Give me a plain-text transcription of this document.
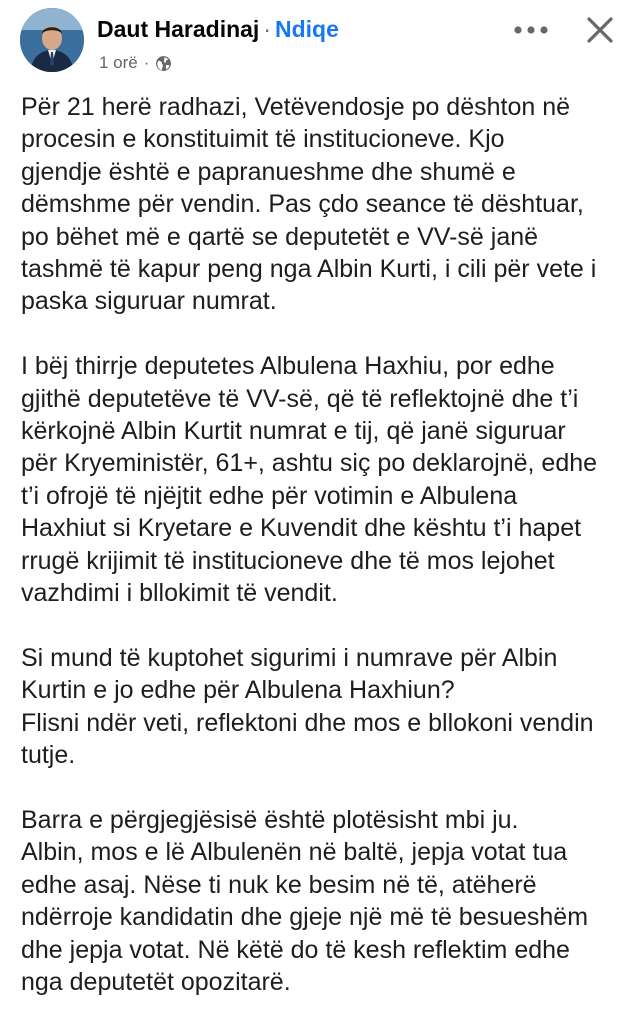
Daut Haradinaj · Ndiqe
1 orë ·

Për 21 herë radhazi, Vetëvendosje po dështon në
procesin e konstituimit të institucioneve. Kjo
gjendje është e papranueshme dhe shumë e
dëmshme për vendin. Pas çdo seance të dështuar,
po bëhet më e qartë se deputetët e VV-së janë
tashmë të kapur peng nga Albin Kurti, i cili për vete i
paska siguruar numrat.

I bëj thirrje deputetes Albulena Haxhiu, por edhe
gjithë deputetëve të VV-së, që të reflektojnë dhe t’i
kërkojnë Albin Kurtit numrat e tij, që janë siguruar
për Kryeministër, 61+, ashtu siç po deklarojnë, edhe
t’i ofrojë të njëjtit edhe për votimin e Albulena
Haxhiut si Kryetare e Kuvendit dhe kështu t’i hapet
rrugë krijimit të institucioneve dhe të mos lejohet
vazhdimi i bllokimit të vendit.

Si mund të kuptohet sigurimi i numrave për Albin
Kurtin e jo edhe për Albulena Haxhiun?
Flisni ndër veti, reflektoni dhe mos e bllokoni vendin
tutje.

Barra e përgjegjësisë është plotësisht mbi ju.
Albin, mos e lë Albulenën në baltë, jepja votat tua
edhe asaj. Nëse ti nuk ke besim në të, atëherë
ndërroje kandidatin dhe gjeje një më të besueshëm
dhe jepja votat. Në këtë do të kesh reflektim edhe
nga deputetët opozitarë.
